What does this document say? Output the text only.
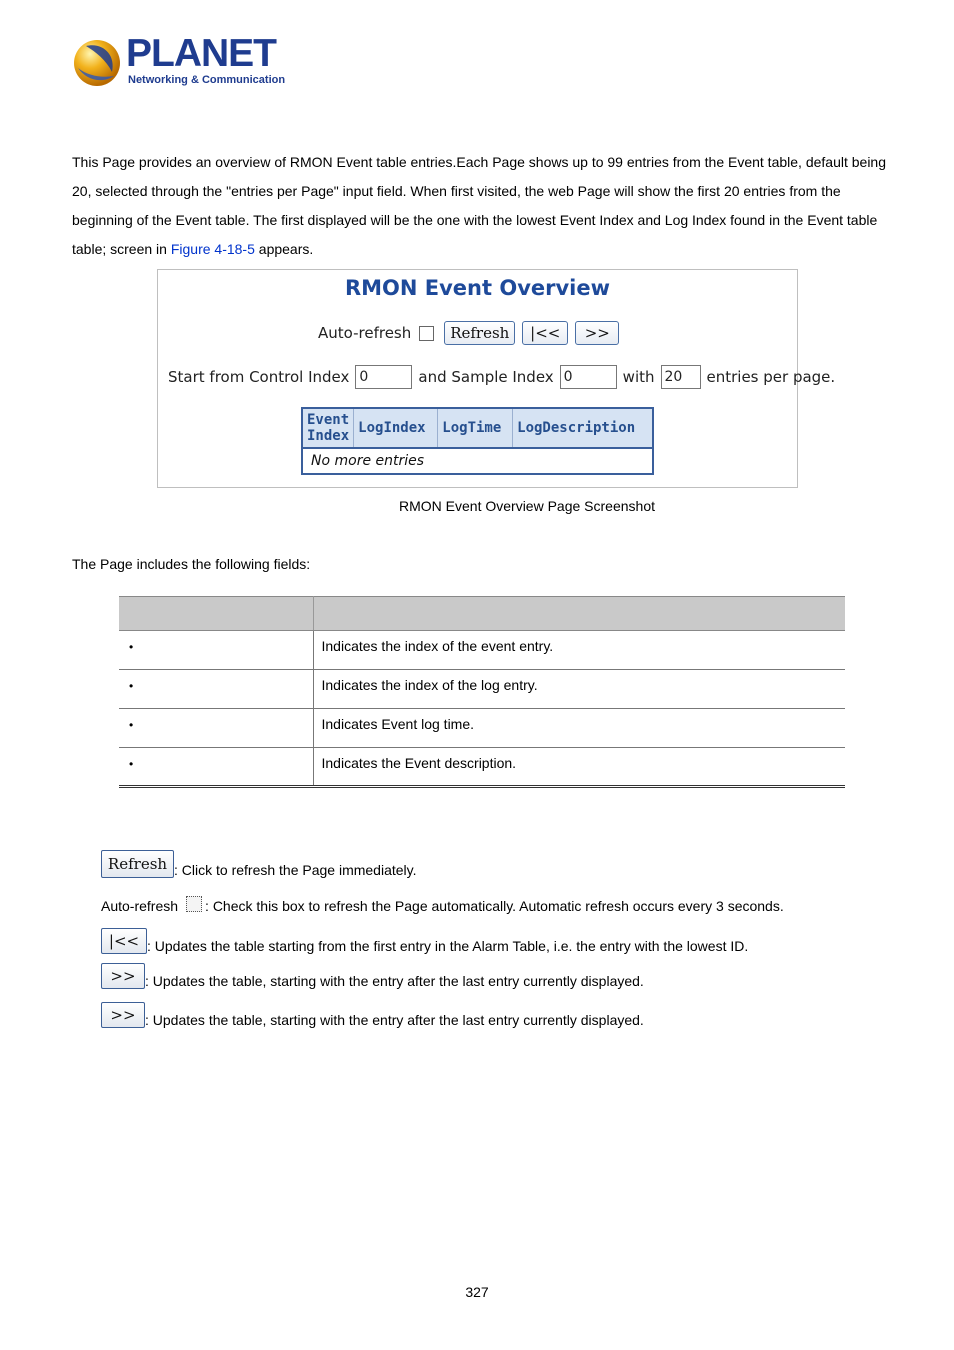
PLANET
Networking & Communication
This Page provides an overview of RMON Event table entries.Each Page shows up to 99 entries from the Event table, default being 20, selected through the "entries per Page" input field. When first visited, the web Page will show the first 20 entries from the beginning of the Event table. The first displayed will be the one with the lowest Event Index and Log Index found in the Event table table; screen in Figure 4-18-5 appears.
RMON Event Overview
Auto-refresh	Refresh	|<<	>>
Start from Control Index 0	and Sample Index 0	with 20	entries per page.
Event Index	LogIndex	LogTime	LogDescription
No more entries
RMON Event Overview Page Screenshot
The Page includes the following fields:

•	Indicates the index of the event entry.
•	Indicates the index of the log entry.
•	Indicates Event log time.
•	Indicates the Event description.
Refresh : Click to refresh the Page immediately.
Auto-refresh : Check this box to refresh the Page automatically. Automatic refresh occurs every 3 seconds.
|<< : Updates the table starting from the first entry in the Alarm Table, i.e. the entry with the lowest ID.
>> : Updates the table, starting with the entry after the last entry currently displayed.
>> : Updates the table, starting with the entry after the last entry currently displayed.
327
